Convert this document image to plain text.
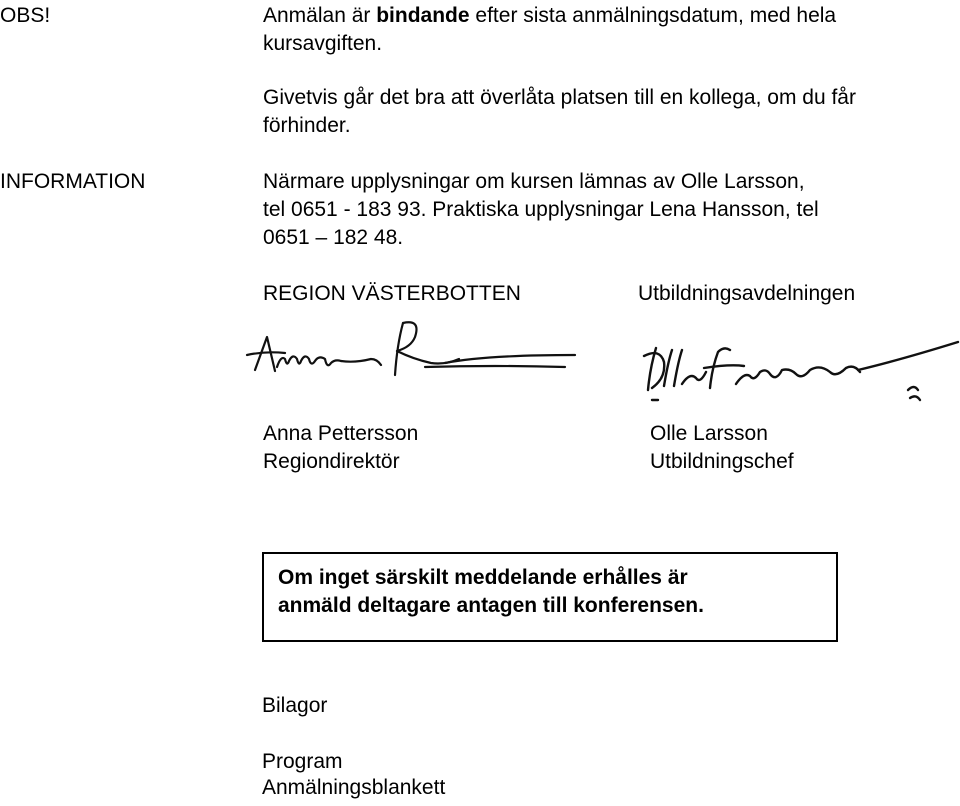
OBS!	Anmälan är bindande efter sista anmälningsdatum, med hela kursavgiften.
Givetvis går det bra att överlåta platsen till en kollega, om du får förhinder.
INFORMATION	Närmare upplysningar om kursen lämnas av Olle Larsson,
tel 0651 - 183 93. Praktiska upplysningar Lena Hansson, tel
0651 – 182 48.
REGION VÄSTERBOTTEN	Utbildningsavdelningen
Anna Pettersson
Regiondirektör
Olle Larsson
Utbildningschef
Om inget särskilt meddelande erhålles är
anmäld deltagare antagen till konferensen.
Bilagor
Program
Anmälningsblankett
